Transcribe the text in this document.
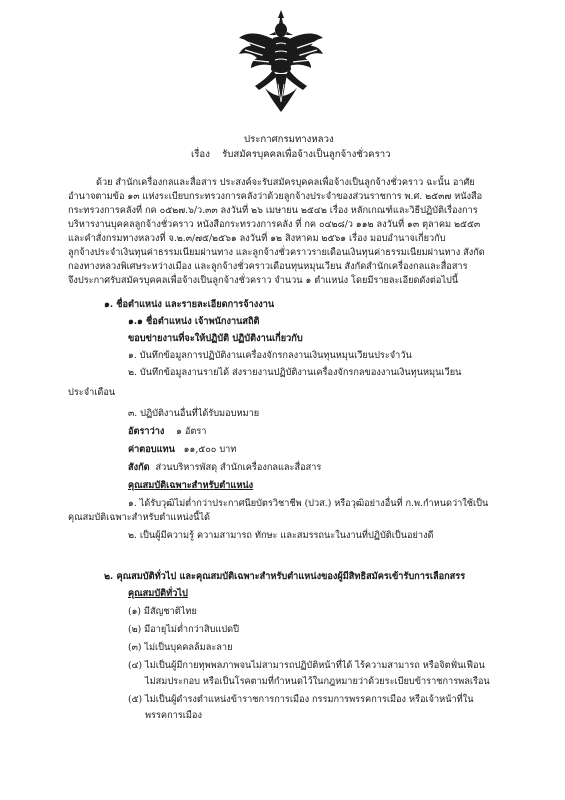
ประกาศกรมทางหลวง
เรื่อง รับสมัครบุคคลเพื่อจ้างเป็นลูกจ้างชั่วคราว
ด้วย สำนักเครื่องกลและสื่อสาร ประสงค์จะรับสมัครบุคคลเพื่อจ้างเป็นลูกจ้างชั่วคราว ฉะนั้น อาศัย
อำนาจตามข้อ ๑๓ แห่งระเบียบกระทรวงการคลังว่าด้วยลูกจ้างประจำของส่วนราชการ พ.ศ. ๒๕๓๗ หนังสือ
กระทรวงการคลังที่ กค ๐๕๒๗.๖/ว.๓๓ ลงวันที่ ๒๖ เมษายน ๒๕๔๒ เรื่อง หลักเกณฑ์และวิธีปฏิบัติเรื่องการ
บริหารงานบุคคลลูกจ้างชั่วคราว หนังสือกระทรวงการคลัง ที่ กค ๐๔๒๘/ว ๑๑๒ ลงวันที่ ๑๓ ตุลาคม ๒๕๕๓
และคำสั่งกรมทางหลวงที่ จ.๒.๓/๗๕/๒๕๖๑ ลงวันที่ ๑๒ สิงหาคม ๒๕๖๑ เรื่อง มอบอำนาจเกี่ยวกับ
ลูกจ้างประจำเงินทุนค่าธรรมเนียมผ่านทาง และลูกจ้างชั่วคราวรายเดือนเงินทุนค่าธรรมเนียมผ่านทาง สังกัด
กองทางหลวงพิเศษระหว่างเมือง และลูกจ้างชั่วคราวเดือนทุนหมุนเวียน สังกัดสำนักเครื่องกลและสื่อสาร
จึงประกาศรับสมัครบุคคลเพื่อจ้างเป็นลูกจ้างชั่วคราว จำนวน ๑ ตำแหน่ง โดยมีรายละเอียดดังต่อไปนี้
๑. ชื่อตำแหน่ง และรายละเอียดการจ้างงาน
๑.๑ ชื่อตำแหน่ง เจ้าพนักงานสถิติ
ขอบข่ายงานที่จะให้ปฏิบัติ ปฏิบัติงานเกี่ยวกับ
๑. บันทึกข้อมูลการปฏิบัติงานเครื่องจักรกลงานเงินทุนหมุนเวียนประจำวัน
๒. บันทึกข้อมูลงานรายได้ ส่งรายงานปฏิบัติงานเครื่องจักรกลของงานเงินทุนหมุนเวียน
ประจำเดือน
๓. ปฏิบัติงานอื่นที่ได้รับมอบหมาย
อัตราว่าง ๑ อัตรา
ค่าตอบแทน ๑๑,๕๐๐ บาท
สังกัด ส่วนบริหารพัสดุ สำนักเครื่องกลและสื่อสาร
คุณสมบัติเฉพาะสำหรับตำแหน่ง
๑. ได้รับวุฒิไม่ต่ำกว่าประกาศนียบัตรวิชาชีพ (ปวส.) หรือวุฒิอย่างอื่นที่ ก.พ.กำหนดว่าใช้เป็น
คุณสมบัติเฉพาะสำหรับตำแหน่งนี้ได้
๒. เป็นผู้มีความรู้ ความสามารถ ทักษะ และสมรรถนะในงานที่ปฏิบัติเป็นอย่างดี
๒. คุณสมบัติทั่วไป และคุณสมบัติเฉพาะสำหรับตำแหน่งของผู้มีสิทธิสมัครเข้ารับการเลือกสรร
คุณสมบัติทั่วไป
(๑) มีสัญชาติไทย
(๒) มีอายุไม่ต่ำกว่าสิบแปดปี
(๓) ไม่เป็นบุคคลล้มละลาย
(๔) ไม่เป็นผู้มีกายทุพพลภาพจนไม่สามารถปฏิบัติหน้าที่ได้ ไร้ความสามารถ หรือจิตฟั่นเฟือน
ไม่สมประกอบ หรือเป็นโรคตามที่กำหนดไว้ในกฎหมายว่าด้วยระเบียบข้าราชการพลเรือน
(๕) ไม่เป็นผู้ดำรงตำแหน่งข้าราชการการเมือง กรรมการพรรคการเมือง หรือเจ้าหน้าที่ใน
พรรคการเมือง
